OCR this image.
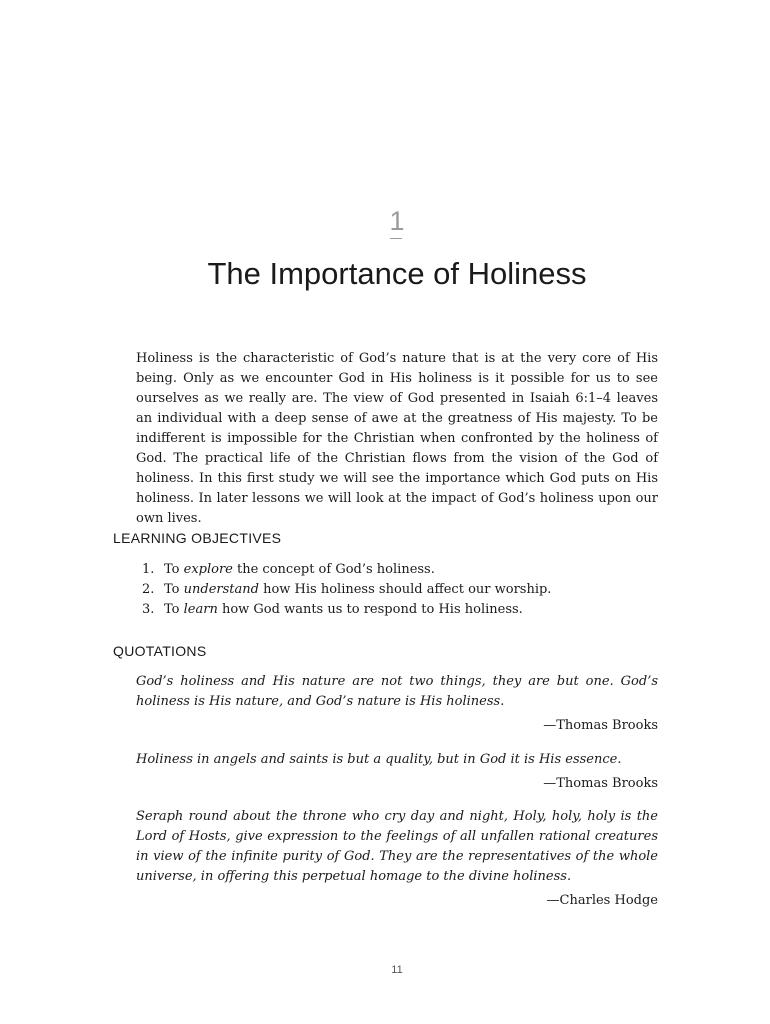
1
The Importance of Holiness

Holiness is the characteristic of God’s nature that is at the very core of His being. Only as we encounter God in His holiness is it possible for us to see ourselves as we really are. The view of God presented in Isaiah 6:1–4 leaves an individual with a deep sense of awe at the greatness of His majesty. To be indifferent is impossible for the Christian when confronted by the holiness of God. The practical life of the Christian flows from the vision of the God of holiness. In this first study we will see the importance which God puts on His holiness. In later lessons we will look at the impact of God’s holiness upon our own lives.

LEARNING OBJECTIVES
1. To explore the concept of God’s holiness.
2. To understand how His holiness should affect our worship.
3. To learn how God wants us to respond to His holiness.
QUOTATIONS

God’s holiness and His nature are not two things, they are but one. God’s holiness is His nature, and God’s nature is His holiness.

—Thomas Brooks

Holiness in angels and saints is but a quality, but in God it is His essence.

—Thomas Brooks

Seraph round about the throne who cry day and night, Holy, holy, holy is the Lord of Hosts, give expression to the feelings of all unfallen rational creatures in view of the infinite purity of God. They are the representatives of the whole universe, in offering this perpetual homage to the divine holiness.

—Charles Hodge

11
